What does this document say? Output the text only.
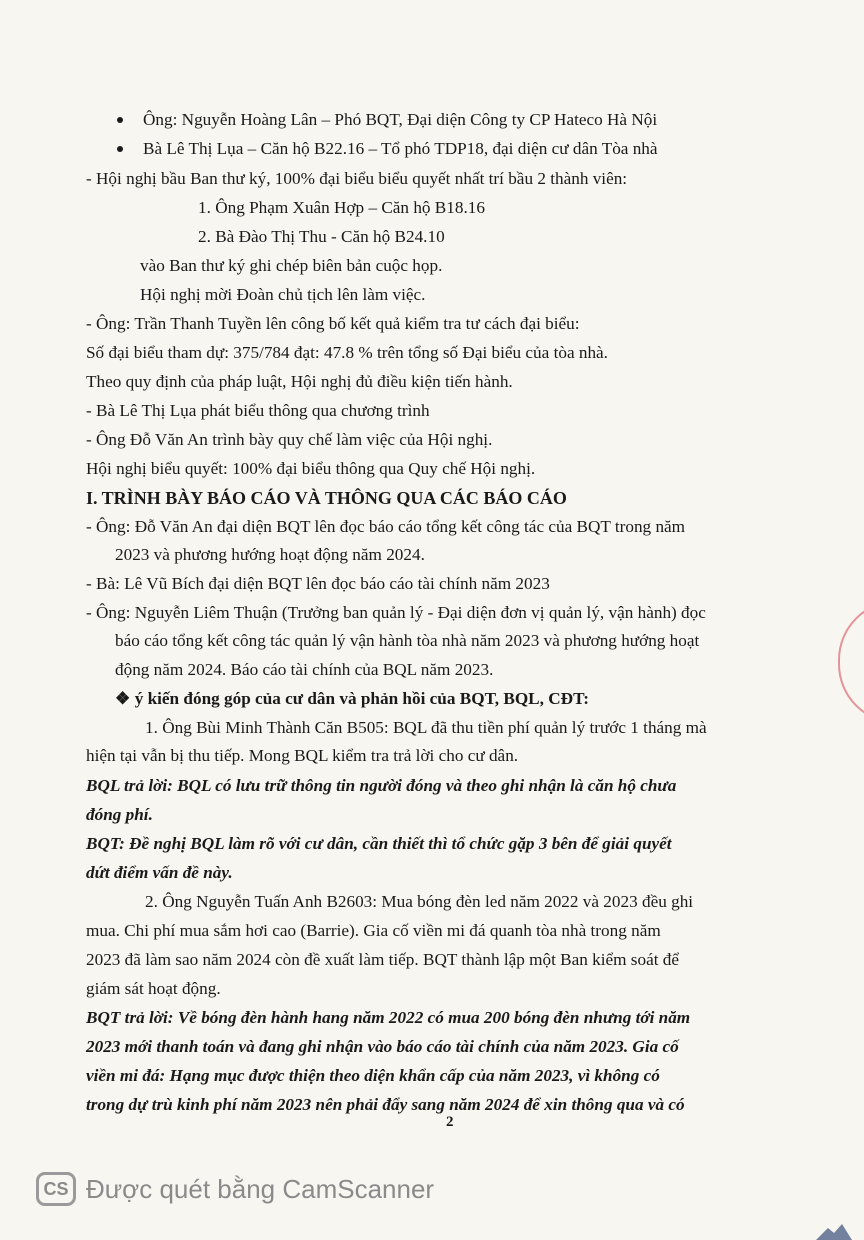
Ông: Nguyễn Hoàng Lân – Phó BQT, Đại diện Công ty CP Hateco Hà Nội
Bà Lê Thị Lụa – Căn hộ B22.16 – Tổ phó TDP18, đại diện cư dân Tòa nhà
- Hội nghị bầu Ban thư ký, 100% đại biểu biểu quyết nhất trí bầu 2 thành viên:
1. Ông Phạm Xuân Hợp – Căn hộ B18.16
2. Bà Đào Thị Thu - Căn hộ B24.10
vào Ban thư ký ghi chép biên bản cuộc họp.
Hội nghị mời Đoàn chủ tịch lên làm việc.
- Ông: Trần Thanh Tuyền lên công bố kết quả kiểm tra tư cách đại biểu:
Số đại biểu tham dự: 375/784 đạt: 47.8 % trên tổng số Đại biểu của tòa nhà.
Theo quy định của pháp luật, Hội nghị đủ điều kiện tiến hành.
- Bà Lê Thị Lụa phát biểu thông qua chương trình
- Ông Đỗ Văn An trình bày quy chế làm việc của Hội nghị.
Hội nghị biểu quyết: 100% đại biểu thông qua Quy chế Hội nghị.
I. TRÌNH BÀY BÁO CÁO VÀ THÔNG QUA CÁC BÁO CÁO
- Ông: Đỗ Văn An đại diện BQT lên đọc báo cáo tổng kết công tác của BQT trong năm
2023 và phương hướng hoạt động năm 2024.
- Bà: Lê Vũ Bích đại diện BQT lên đọc báo cáo tài chính năm 2023
- Ông: Nguyễn Liêm Thuận (Trưởng ban quản lý - Đại diện đơn vị quản lý, vận hành) đọc
báo cáo tổng kết công tác quản lý vận hành tòa nhà năm 2023 và phương hướng hoạt
động năm 2024. Báo cáo tài chính của BQL năm 2023.
❖ ý kiến đóng góp của cư dân và phản hồi của BQT, BQL, CĐT:
1. Ông Bùi Minh Thành Căn B505: BQL đã thu tiền phí quản lý trước 1 tháng mà
hiện tại vẫn bị thu tiếp. Mong BQL kiểm tra trả lời cho cư dân.
BQL trả lời: BQL có lưu trữ thông tin người đóng và theo ghi nhận là căn hộ chưa
đóng phí.
BQT: Đề nghị BQL làm rõ với cư dân, cần thiết thì tổ chức gặp 3 bên để giải quyết
dứt điểm vấn đề này.
2. Ông Nguyễn Tuấn Anh B2603: Mua bóng đèn led năm 2022 và 2023 đều ghi
mua. Chi phí mua sắm hơi cao (Barrie). Gia cố viền mi đá quanh tòa nhà trong năm
2023 đã làm sao năm 2024 còn đề xuất làm tiếp. BQT thành lập một Ban kiểm soát để
giám sát hoạt động.
BQT trả lời: Về bóng đèn hành hang năm 2022 có mua 200 bóng đèn nhưng tới năm
2023 mới thanh toán và đang ghi nhận vào báo cáo tài chính của năm 2023. Gia cố
viền mi đá: Hạng mục được thiện theo diện khẩn cấp của năm 2023, vì không có
trong dự trù kinh phí năm 2023 nên phải đẩy sang năm 2024 để xin thông qua và có
2
CS Được quét bằng CamScanner
